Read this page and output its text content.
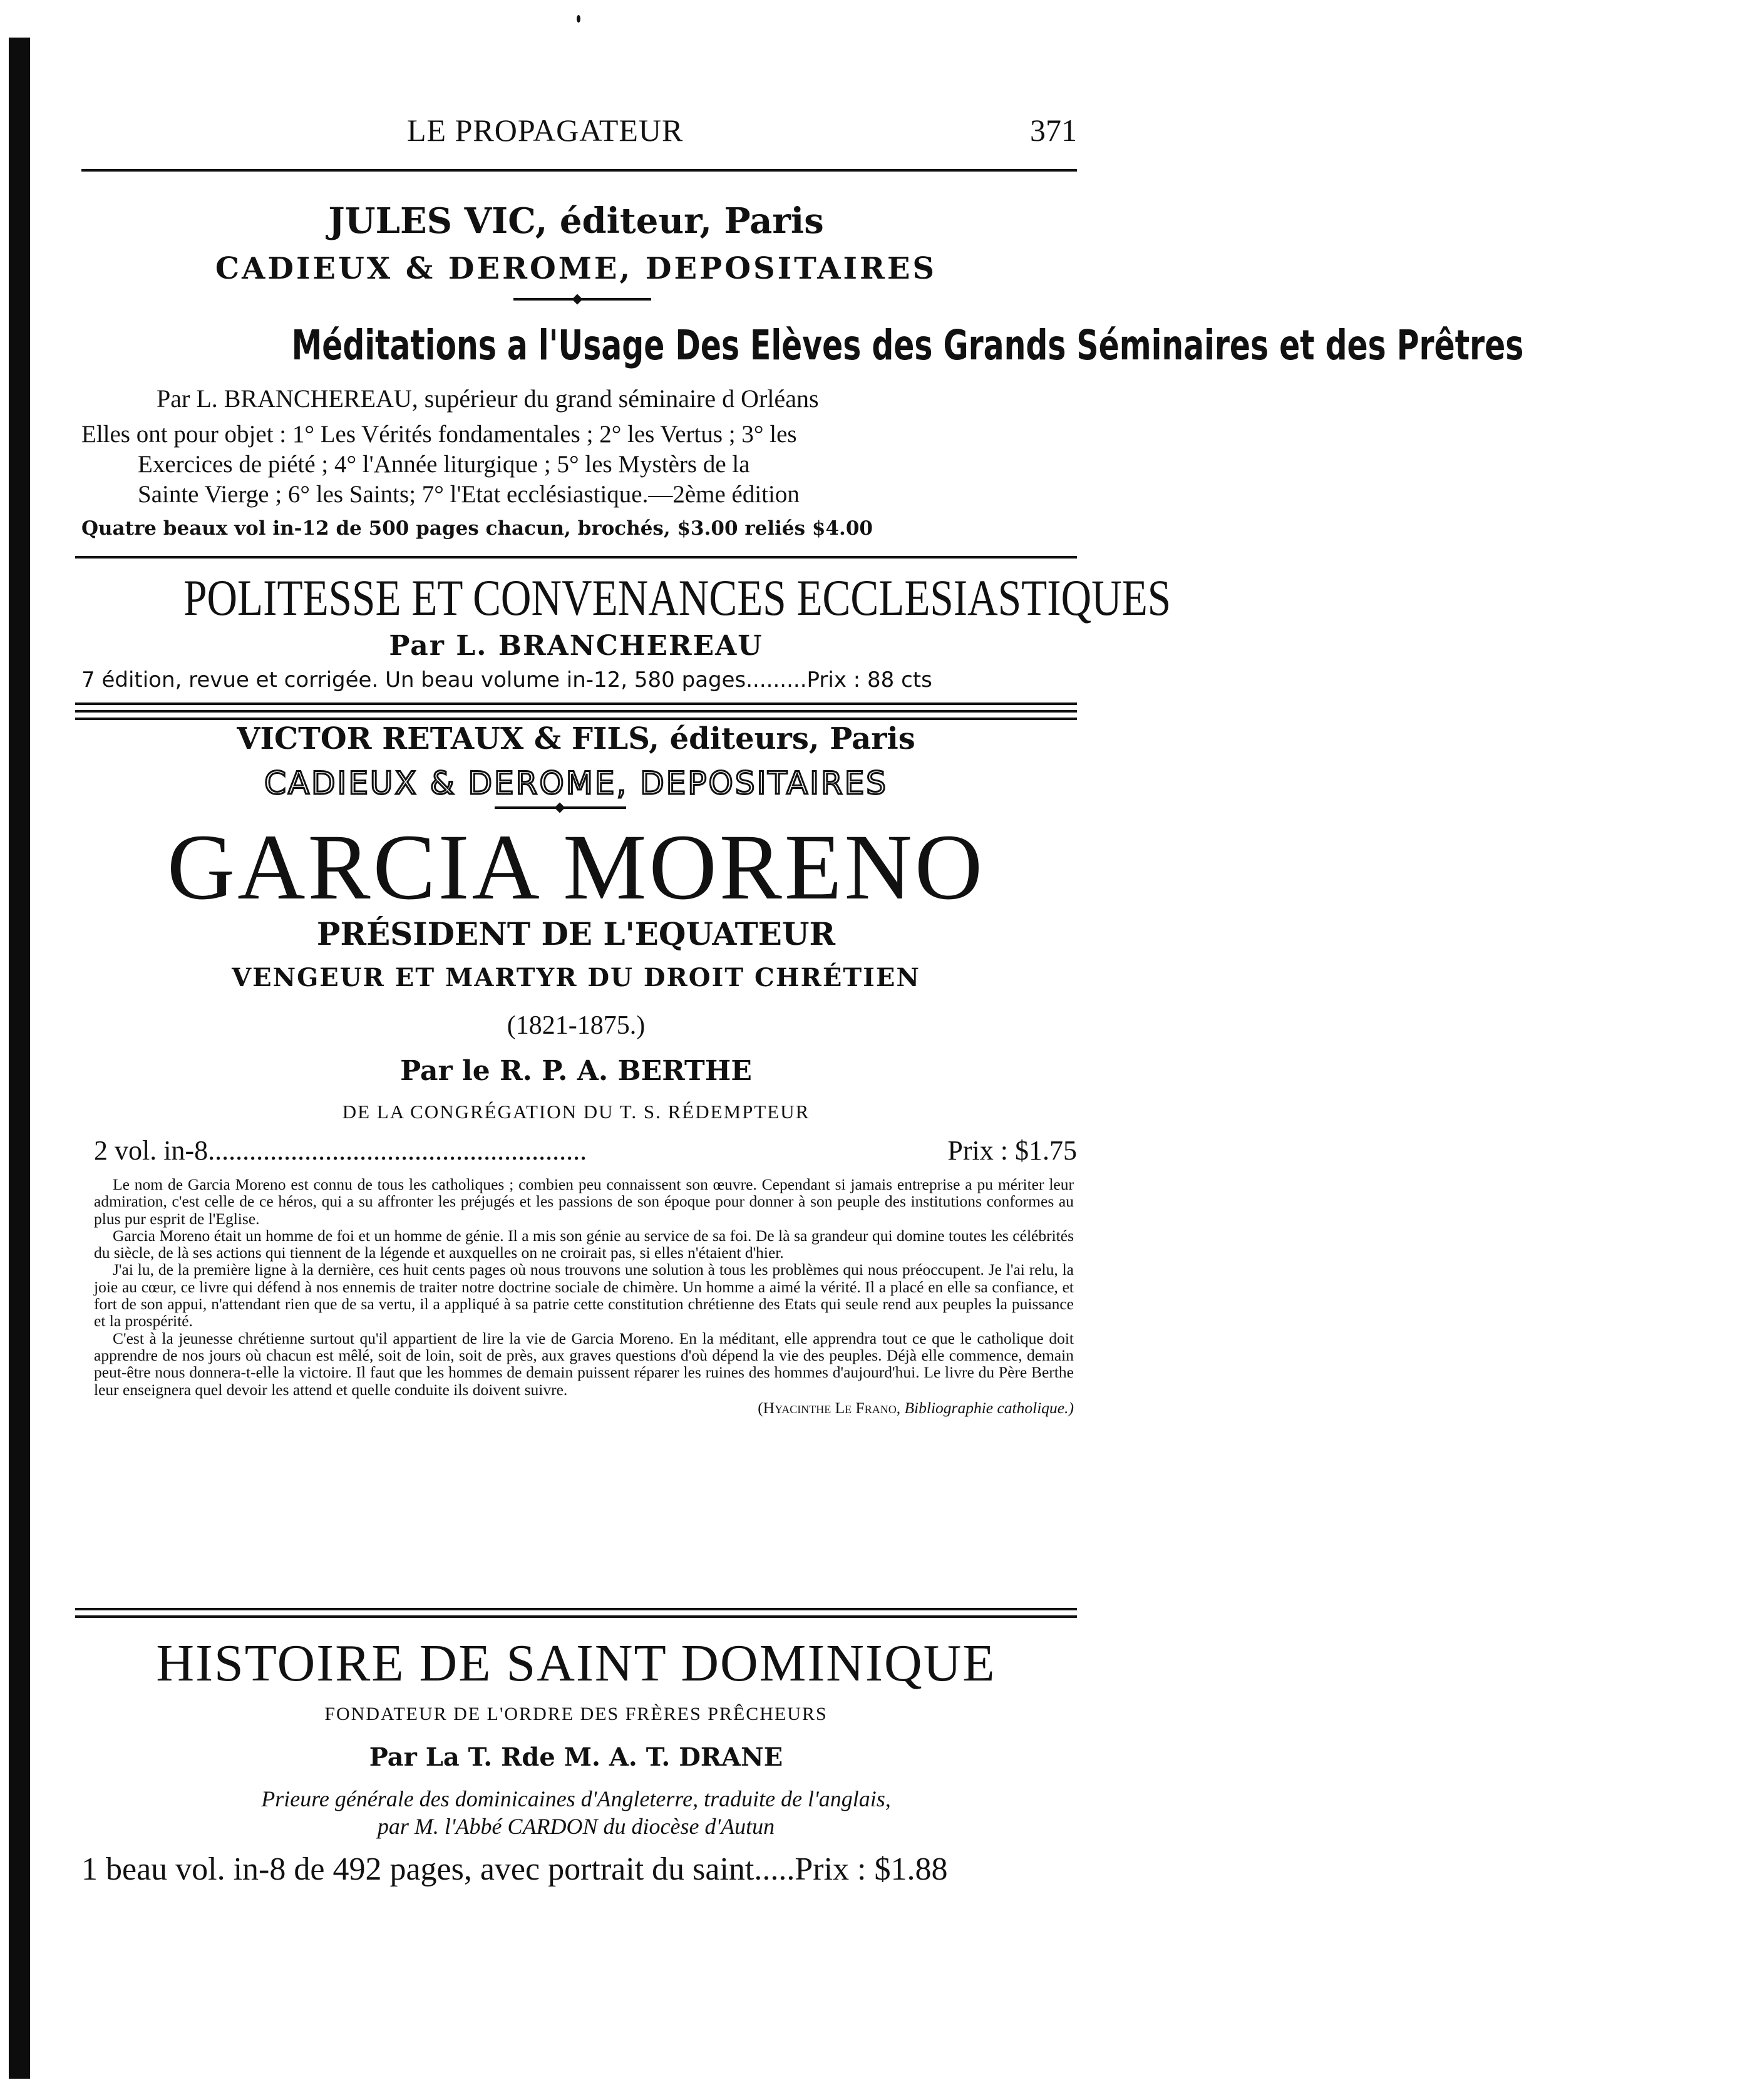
LE PROPAGATEUR	371
JULES VIC, éditeur, Paris
CADIEUX & DEROME, DEPOSITAIRES
Méditations a l'Usage Des Elèves des Grands Séminaires et des Prêtres
Par L. BRANCHEREAU, supérieur du grand séminaire d Orléans
Elles ont pour objet : 1° Les Vérités fondamentales ; 2° les Vertus ; 3° les
Exercices de piété ; 4° l'Année liturgique ; 5° les Mystèrs de la
Sainte Vierge ; 6° les Saints; 7° l'Etat ecclésiastique.—2ème édition
Quatre beaux vol in-12 de 500 pages chacun, brochés, $3.00 reliés $4.00
POLITESSE ET CONVENANCES ECCLESIASTIQUES
Par L. BRANCHEREAU
7 édition, revue et corrigée. Un beau volume in-12, 580 pages.........Prix : 88 cts
VICTOR RETAUX & FILS, éditeurs, Paris
CADIEUX & DEROME, DEPOSITAIRES
GARCIA MORENO
PRÉSIDENT DE L'EQUATEUR
VENGEUR ET MARTYR DU DROIT CHRÉTIEN
(1821-1875.)
Par le R. P. A. BERTHE
DE LA CONGRÉGATION DU T. S. RÉDEMPTEUR
2 vol. in-8.......................................................	Prix : $1.75

Le nom de Garcia Moreno est connu de tous les catholiques ; combien peu connaissent son œuvre. Cependant si jamais entreprise a pu mériter leur admiration, c'est celle de ce héros, qui a su affronter les préjugés et les passions de son époque pour donner à son peuple des institutions conformes au plus pur esprit de l'Eglise.

Garcia Moreno était un homme de foi et un homme de génie. Il a mis son génie au service de sa foi. De là sa grandeur qui domine toutes les célébrités du siècle, de là ses actions qui tiennent de la légende et auxquelles on ne croirait pas, si elles n'étaient d'hier.

J'ai lu, de la première ligne à la dernière, ces huit cents pages où nous trouvons une solution à tous les problèmes qui nous préoccupent. Je l'ai relu, la joie au cœur, ce livre qui défend à nos ennemis de traiter notre doctrine sociale de chimère. Un homme a aimé la vérité. Il a placé en elle sa confiance, et fort de son appui, n'attendant rien que de sa vertu, il a appliqué à sa patrie cette constitution chrétienne des Etats qui seule rend aux peuples la puissance et la prospérité.

C'est à la jeunesse chrétienne surtout qu'il appartient de lire la vie de Garcia Moreno. En la méditant, elle apprendra tout ce que le catholique doit apprendre de nos jours où chacun est mêlé, soit de loin, soit de près, aux graves questions d'où dépend la vie des peuples. Déjà elle commence, demain peut-être nous donnera-t-elle la victoire. Il faut que les hommes de demain puissent réparer les ruines des hommes d'aujourd'hui. Le livre du Père Berthe leur enseignera quel devoir les attend et quelle conduite ils doivent suivre.

(Hyacinthe Le Frano, Bibliographie catholique.)
HISTOIRE DE SAINT DOMINIQUE
FONDATEUR DE L'ORDRE DES FRÈRES PRÊCHEURS
Par La T. Rde M. A. T. DRANE
Prieure générale des dominicaines d'Angleterre, traduite de l'anglais,
par M. l'Abbé CARDON du diocèse d'Autun
1 beau vol. in-8 de 492 pages, avec portrait du saint.....Prix : $1.88
